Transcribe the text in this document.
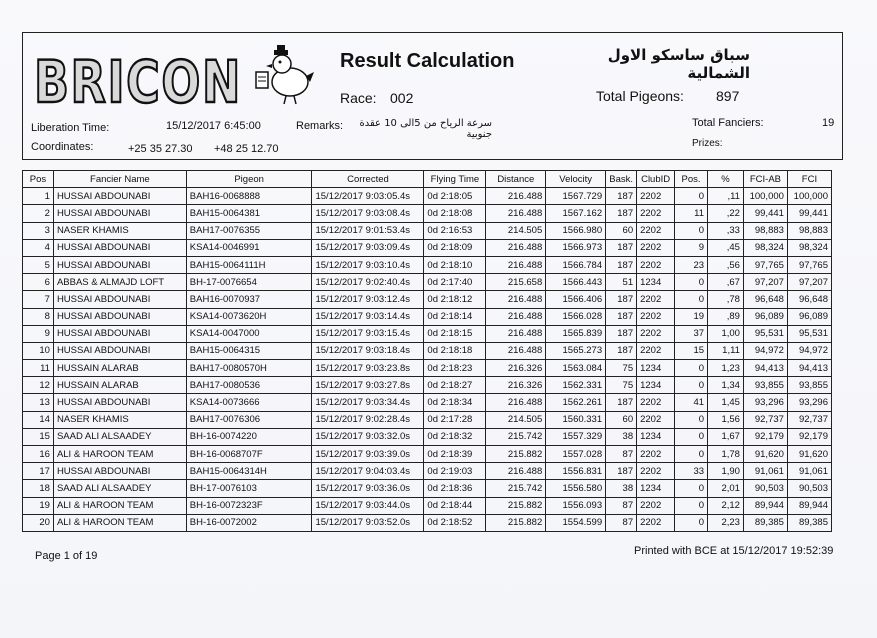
BRICON	Result Calculation
Race: 002
سباق ساسكو الاول الشمالية
Total Pigeons: 897
Liberation Time:	15/12/2017 6:45:00	Remarks:	سرعة الرياح من 5الى 10 عقدة جنوبية
Total Fanciers:	19
Coordinates:	+25 35 27.30 +48 25 12.70	Prizes:
Pos	Fancier Name	Pigeon	Corrected	Flying Time	Distance	Velocity	Bask.	ClubID	Pos.	%	FCI-AB	FCI
1	HUSSAI ABDOUNABI	BAH16-0068888	15/12/2017 9:03:05.4s	0d 2:18:05	216.488	1567.729	187	2202	0	,11	100,000	100,000
2	HUSSAI ABDOUNABI	BAH15-0064381	15/12/2017 9:03:08.4s	0d 2:18:08	216.488	1567.162	187	2202	11	,22	99,441	99,441
3	NASER KHAMIS	BAH17-0076355	15/12/2017 9:01:53.4s	0d 2:16:53	214.505	1566.980	60	2202	0	,33	98,883	98,883
4	HUSSAI ABDOUNABI	KSA14-0046991	15/12/2017 9:03:09.4s	0d 2:18:09	216.488	1566.973	187	2202	9	,45	98,324	98,324
5	HUSSAI ABDOUNABI	BAH15-0064111H	15/12/2017 9:03:10.4s	0d 2:18:10	216.488	1566.784	187	2202	23	,56	97,765	97,765
6	ABBAS & ALMAJD LOFT	BH-17-0076654	15/12/2017 9:02:40.4s	0d 2:17:40	215.658	1566.443	51	1234	0	,67	97,207	97,207
7	HUSSAI ABDOUNABI	BAH16-0070937	15/12/2017 9:03:12.4s	0d 2:18:12	216.488	1566.406	187	2202	0	,78	96,648	96,648
8	HUSSAI ABDOUNABI	KSA14-0073620H	15/12/2017 9:03:14.4s	0d 2:18:14	216.488	1566.028	187	2202	19	,89	96,089	96,089
9	HUSSAI ABDOUNABI	KSA14-0047000	15/12/2017 9:03:15.4s	0d 2:18:15	216.488	1565.839	187	2202	37	1,00	95,531	95,531
10	HUSSAI ABDOUNABI	BAH15-0064315	15/12/2017 9:03:18.4s	0d 2:18:18	216.488	1565.273	187	2202	15	1,11	94,972	94,972
11	HUSSAIN ALARAB	BAH17-0080570H	15/12/2017 9:03:23.8s	0d 2:18:23	216.326	1563.084	75	1234	0	1,23	94,413	94,413
12	HUSSAIN ALARAB	BAH17-0080536	15/12/2017 9:03:27.8s	0d 2:18:27	216.326	1562.331	75	1234	0	1,34	93,855	93,855
13	HUSSAI ABDOUNABI	KSA14-0073666	15/12/2017 9:03:34.4s	0d 2:18:34	216.488	1562.261	187	2202	41	1,45	93,296	93,296
14	NASER KHAMIS	BAH17-0076306	15/12/2017 9:02:28.4s	0d 2:17:28	214.505	1560.331	60	2202	0	1,56	92,737	92,737
15	SAAD ALI ALSAADEY	BH-16-0074220	15/12/2017 9:03:32.0s	0d 2:18:32	215.742	1557.329	38	1234	0	1,67	92,179	92,179
16	ALI & HAROON TEAM	BH-16-0068707F	15/12/2017 9:03:39.0s	0d 2:18:39	215.882	1557.028	87	2202	0	1,78	91,620	91,620
17	HUSSAI ABDOUNABI	BAH15-0064314H	15/12/2017 9:04:03.4s	0d 2:19:03	216.488	1556.831	187	2202	33	1,90	91,061	91,061
18	SAAD ALI ALSAADEY	BH-17-0076103	15/12/2017 9:03:36.0s	0d 2:18:36	215.742	1556.580	38	1234	0	2,01	90,503	90,503
19	ALI & HAROON TEAM	BH-16-0072323F	15/12/2017 9:03:44.0s	0d 2:18:44	215.882	1556.093	87	2202	0	2,12	89,944	89,944
20	ALI & HAROON TEAM	BH-16-0072002	15/12/2017 9:03:52.0s	0d 2:18:52	215.882	1554.599	87	2202	0	2,23	89,385	89,385
Page 1 of 19	Printed with BCE at 15/12/2017 19:52:39
